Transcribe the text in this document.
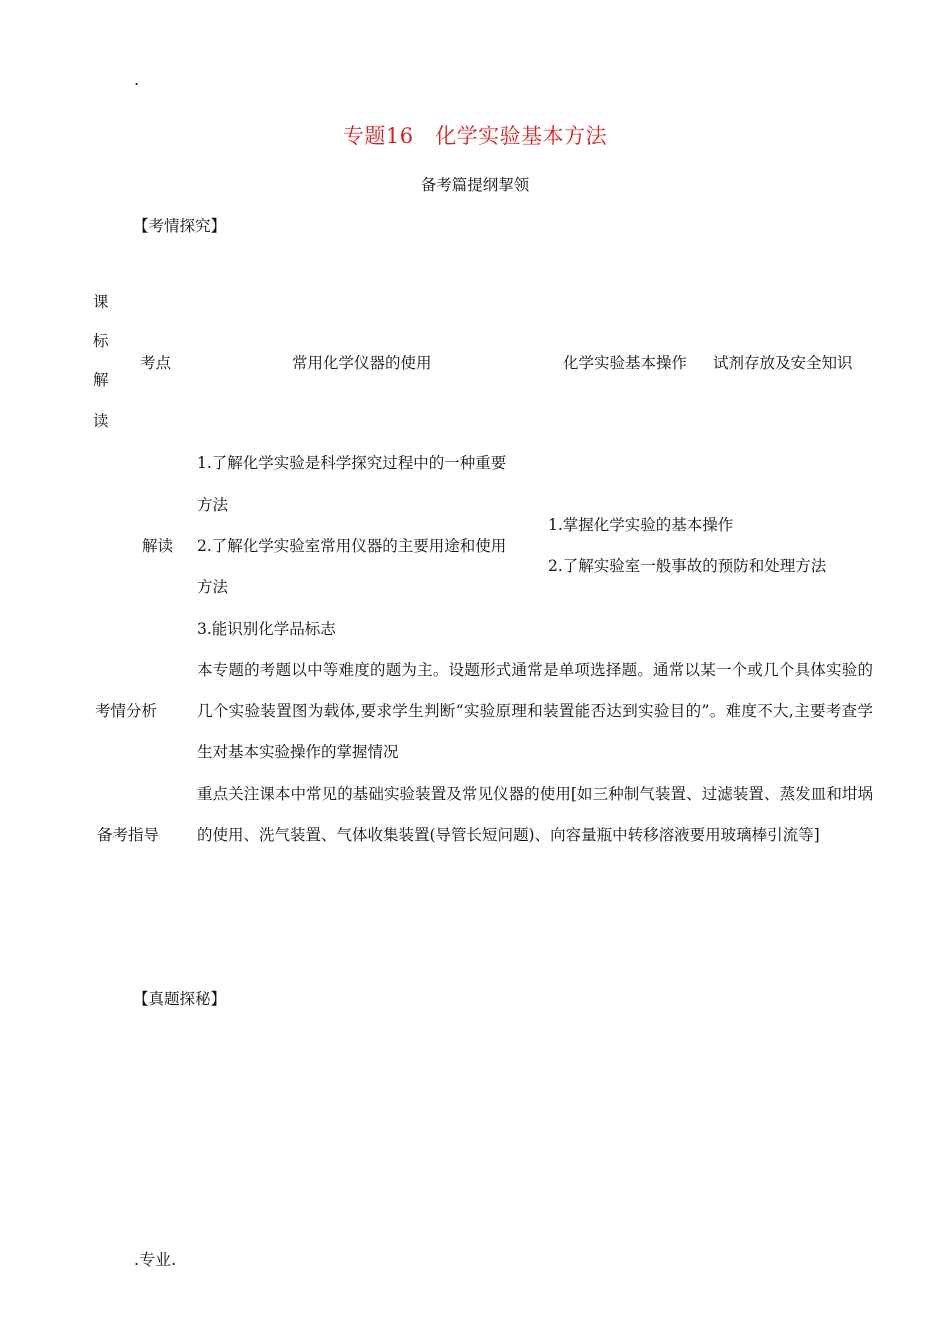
.
专题16　化学实验基本方法
备考篇提纲挈领
【考情探究】
课
标
解
读
考点	常用化学仪器的使用	化学实验基本操作 试剂存放及安全知识
解读
1.了解化学实验是科学探究过程中的一种重要
方法
2.了解化学实验室常用仪器的主要用途和使用
方法
3.能识别化学品标志
1.掌握化学实验的基本操作
2.了解实验室一般事故的预防和处理方法
考情分析
本专题的考题以中等难度的题为主。设题形式通常是单项选择题。通常以某一个或几个具体实验的几个实验装置图为载体,要求学生判断“实验原理和装置能否达到实验目的”。难度不大,主要考查学生对基本实验操作的掌握情况
备考指导
重点关注课本中常见的基础实验装置及常见仪器的使用[如三种制气装置、过滤装置、蒸发皿和坩埚的使用、洗气装置、气体收集装置(导管长短问题)、向容量瓶中转移溶液要用玻璃棒引流等]
【真题探秘】
.专业.
